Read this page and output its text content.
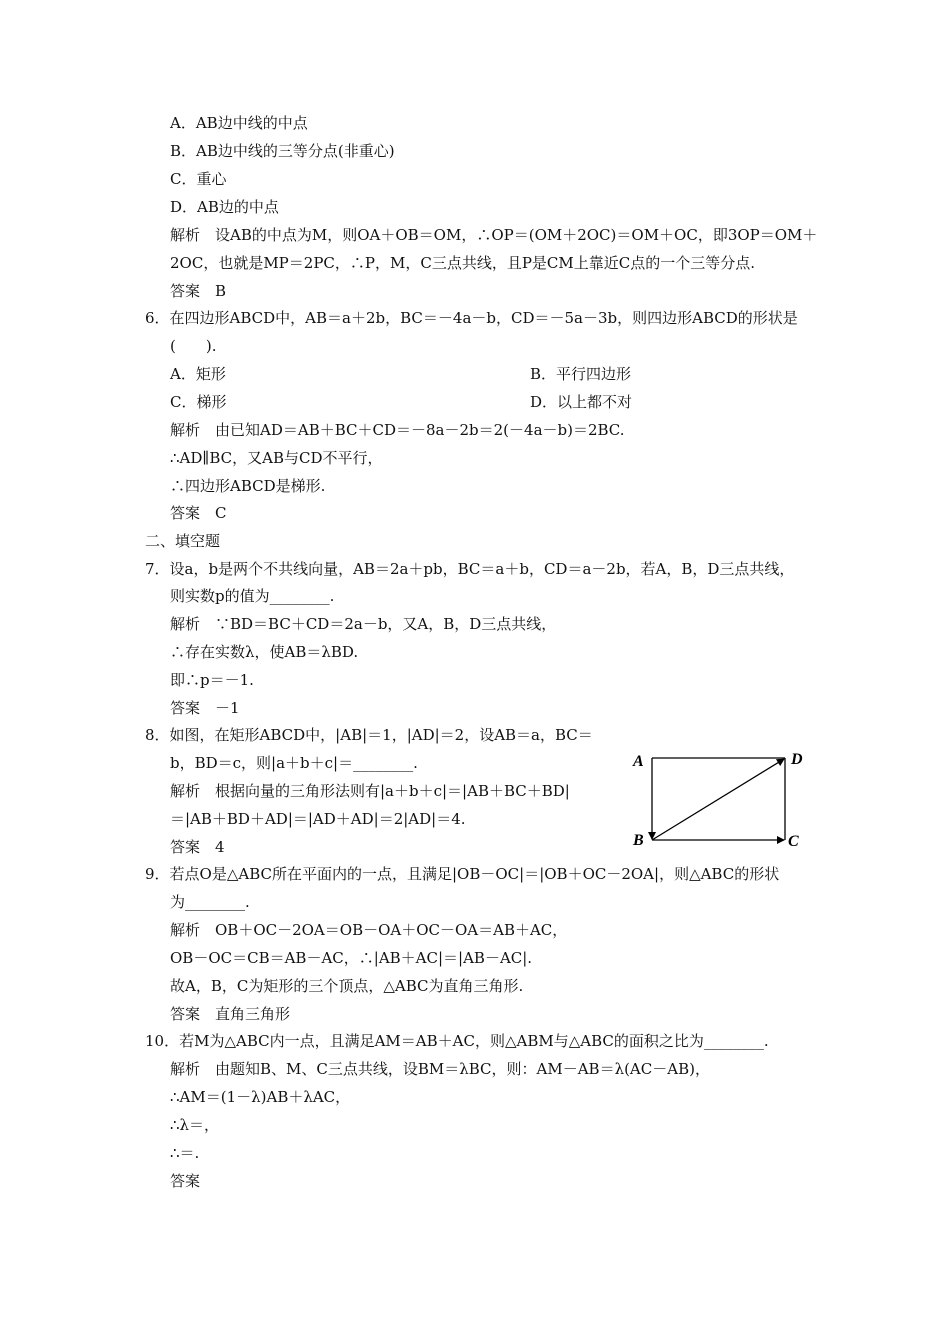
A．AB边中线的中点
B．AB边中线的三等分点(非重心)
C．重心
D．AB边的中点
解析　设AB的中点为M，则OA＋OB＝OM，∴OP＝(OM＋2OC)＝OM＋OC，即3OP＝OM＋
2OC，也就是MP＝2PC，∴P，M，C三点共线，且P是CM上靠近C点的一个三等分点.
答案　B
6．在四边形ABCD中，AB＝a＋2b，BC＝－4a－b，CD＝－5a－3b，则四边形ABCD的形状是
(　　).
A．矩形	B．平行四边形
C．梯形	D．以上都不对
解析　由已知AD＝AB＋BC＋CD＝－8a－2b＝2(－4a－b)＝2BC.
∴AD∥BC，又AB与CD不平行，
∴四边形ABCD是梯形.
答案　C
二、填空题
7．设a，b是两个不共线向量，AB＝2a＋pb，BC＝a＋b，CD＝a－2b，若A，B，D三点共线，
则实数p的值为________.
解析　∵BD＝BC＋CD＝2a－b，又A，B，D三点共线，
∴存在实数λ，使AB＝λBD.
即∴p＝－1.
答案　－1
8．如图，在矩形ABCD中，|AB|＝1，|AD|＝2，设AB＝a，BC＝
b，BD＝c，则|a＋b＋c|＝________.
解析　根据向量的三角形法则有|a＋b＋c|＝|AB＋BC＋BD|
＝|AB＋BD＋AD|＝|AD＋AD|＝2|AD|＝4.
答案　4
9．若点O是△ABC所在平面内的一点，且满足|OB－OC|＝|OB＋OC－2OA|，则△ABC的形状
为________.
解析　OB＋OC－2OA＝OB－OA＋OC－OA＝AB＋AC，
OB－OC＝CB＝AB－AC，∴|AB＋AC|＝|AB－AC|.
故A，B，C为矩形的三个顶点，△ABC为直角三角形.
答案　直角三角形
10．若M为△ABC内一点，且满足AM＝AB＋AC，则△ABM与△ABC的面积之比为________.
解析　由题知B、M、C三点共线，设BM＝λBC，则：AM－AB＝λ(AC－AB)，
∴AM＝(1－λ)AB＋λAC，
∴λ＝，
∴＝.
答案
A	D
B	C
